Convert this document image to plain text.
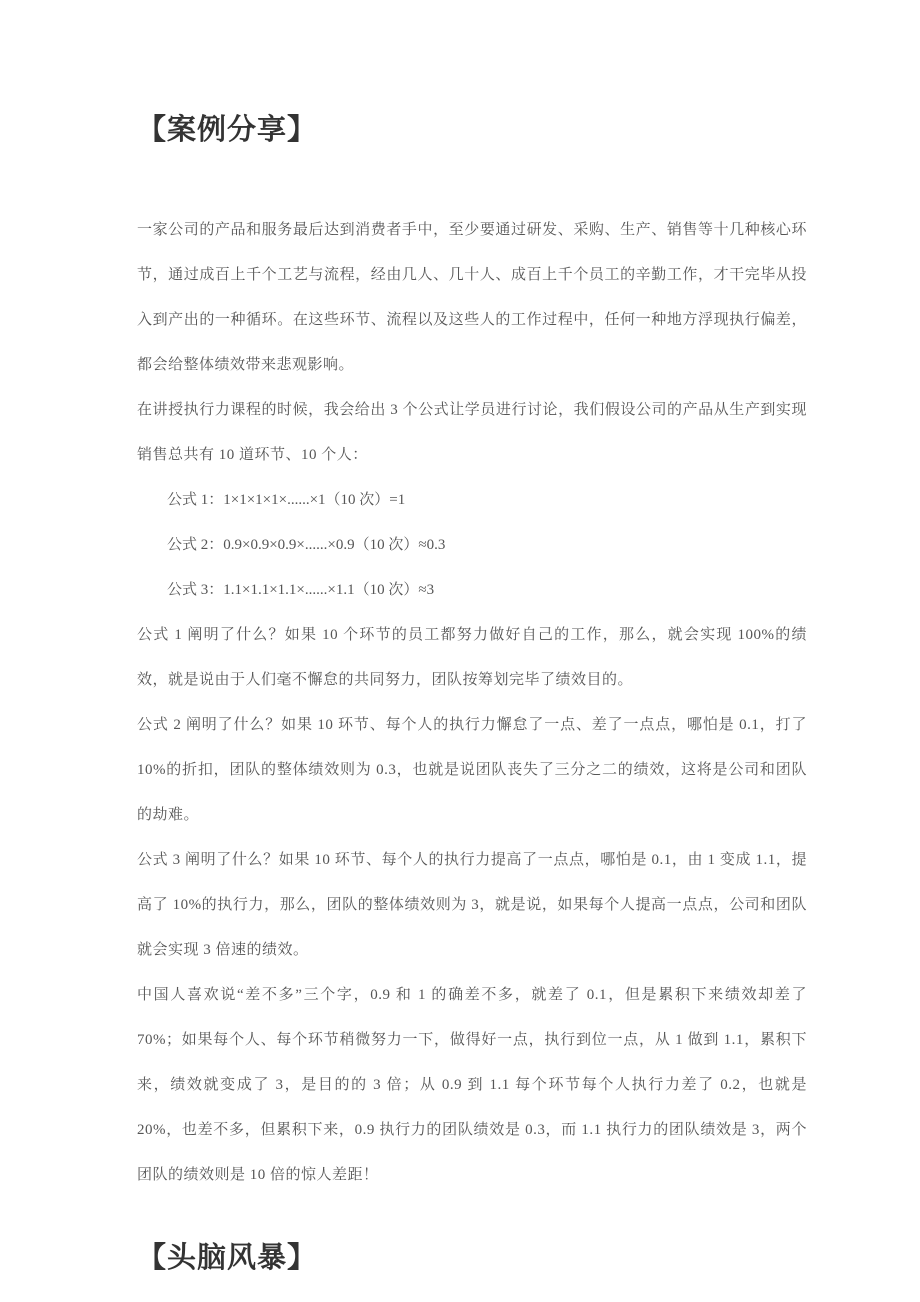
【案例分享】

一家公司的产品和服务最后达到消费者手中，至少要通过研发、采购、生产、销售等十几种核心环节，通过成百上千个工艺与流程，经由几人、几十人、成百上千个员工的辛勤工作，才干完毕从投入到产出的一种循环。在这些环节、流程以及这些人的工作过程中，任何一种地方浮现执行偏差，都会给整体绩效带来悲观影响。

在讲授执行力课程的时候，我会给出 3 个公式让学员进行讨论，我们假设公司的产品从生产到实现销售总共有 10 道环节、10 个人：

公式 1：1×1×1×1×......×1（10 次）=1
公式 2：0.9×0.9×0.9×......×0.9（10 次）≈0.3
公式 3：1.1×1.1×1.1×......×1.1（10 次）≈3

公式 1 阐明了什么？如果 10 个环节的员工都努力做好自己的工作，那么，就会实现 100%的绩效，就是说由于人们毫不懈怠的共同努力，团队按筹划完毕了绩效目的。

公式 2 阐明了什么？如果 10 环节、每个人的执行力懈怠了一点、差了一点点，哪怕是 0.1，打了 10%的折扣，团队的整体绩效则为 0.3，也就是说团队丧失了三分之二的绩效，这将是公司和团队的劫难。

公式 3 阐明了什么？如果 10 环节、每个人的执行力提高了一点点，哪怕是 0.1，由 1 变成 1.1，提高了 10%的执行力，那么，团队的整体绩效则为 3，就是说，如果每个人提高一点点，公司和团队就会实现 3 倍速的绩效。

中国人喜欢说“差不多”三个字，0.9 和 1 的确差不多，就差了 0.1，但是累积下来绩效却差了 70%；如果每个人、每个环节稍微努力一下，做得好一点，执行到位一点，从 1 做到 1.1，累积下来，绩效就变成了 3，是目的的 3 倍；从 0.9 到 1.1 每个环节每个人执行力差了 0.2，也就是 20%，也差不多，但累积下来，0.9 执行力的团队绩效是 0.3，而 1.1 执行力的团队绩效是 3，两个团队的绩效则是 10 倍的惊人差距！

【头脑风暴】
